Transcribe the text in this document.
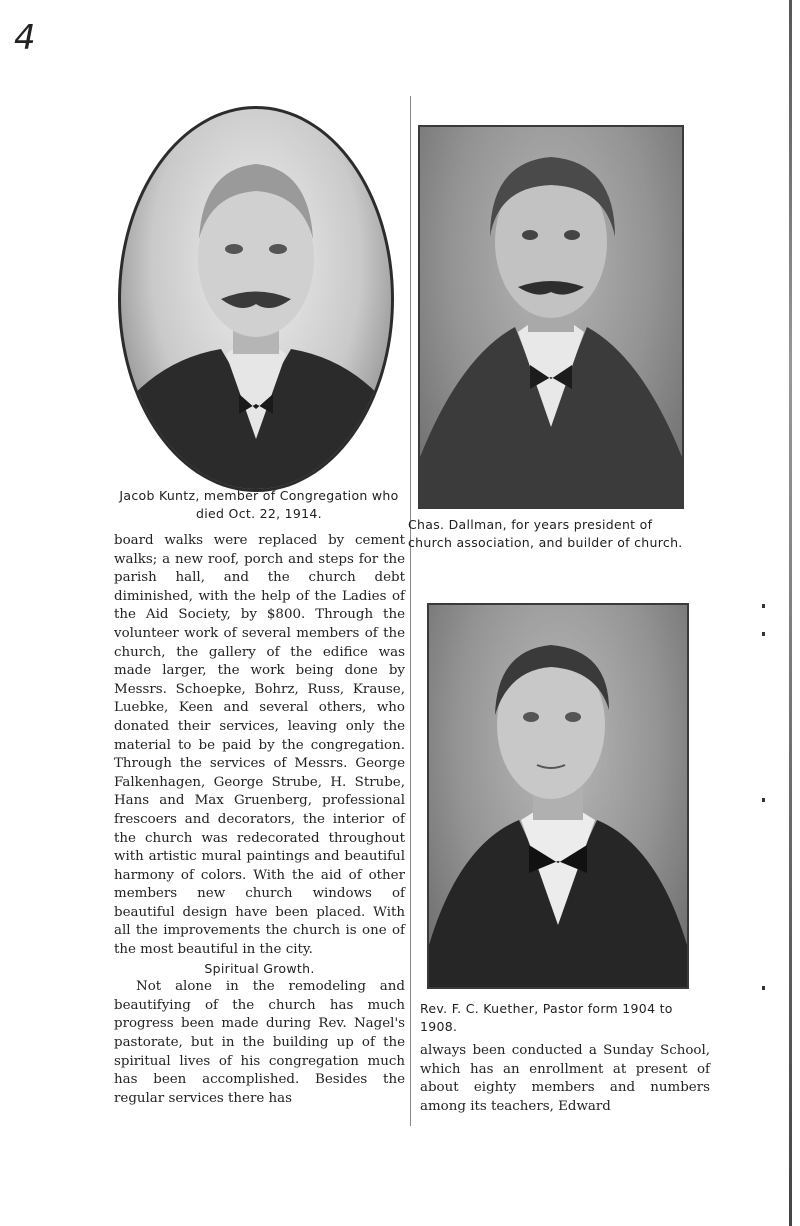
4
Jacob Kuntz, member of Congregation who died Oct. 22, 1914.
Chas. Dallman, for years president of church association, and builder of church.
Rev. F. C. Kuether, Pastor form 1904 to 1908.

board walks were replaced by cement walks; a new roof, porch and steps for the parish hall, and the church debt diminished, with the help of the Ladies of the Aid Society, by $800. Through the volunteer work of several members of the church, the gallery of the edifice was made larger, the work being done by Messrs. Schoepke, Bohrz, Russ, Krause, Luebke, Keen and several others, who donated their services, leaving only the material to be paid by the congregation. Through the services of Messrs. George Falkenhagen, George Strube, H. Strube, Hans and Max Gruenberg, professional frescoers and decorators, the interior of the church was redecorated throughout with artistic mural paintings and beautiful harmony of colors. With the aid of other members new church windows of beautiful design have been placed. With all the improvements the church is one of the most beautiful in the city.

Spiritual Growth.

Not alone in the remodeling and beautifying of the church has much progress been made during Rev. Nagel's pastorate, but in the building up of the spiritual lives of his congregation much has been accomplished. Besides the regular services there has

always been conducted a Sunday School, which has an enrollment at present of about eighty members and numbers among its teachers, Edward
